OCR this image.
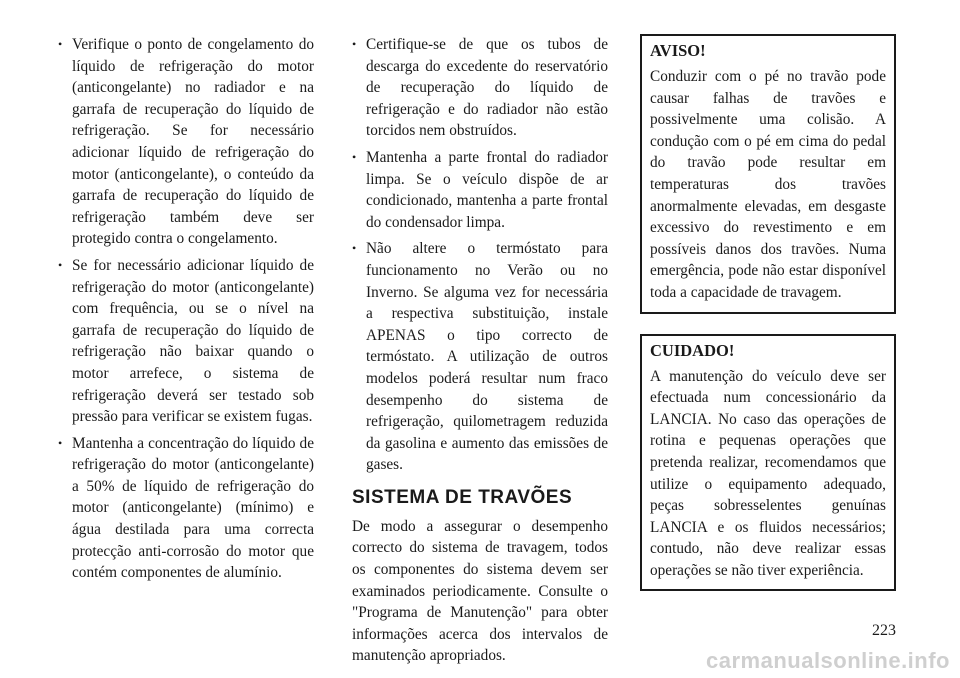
• Verifique o ponto de congelamento do líquido de refrigeração do motor (anticongelante) no radiador e na garrafa de recuperação do líquido de refrigeração. Se for necessário adicionar líquido de refrigeração do motor (anticongelante), o conteúdo da garrafa de recuperação do líquido de refrigeração também deve ser protegido contra o congelamento.
• Se for necessário adicionar líquido de refrigeração do motor (anticongelante) com frequência, ou se o nível na garrafa de recuperação do líquido de refrigeração não baixar quando o motor arrefece, o sistema de refrigeração deverá ser testado sob pressão para verificar se existem fugas.
• Mantenha a concentração do líquido de refrigeração do motor (anticongelante) a 50% de líquido de refrigeração do motor (anticongelante) (mínimo) e água destilada para uma correcta protecção anti-corrosão do motor que contém componentes de alumínio.
• Certifique-se de que os tubos de descarga do excedente do reservatório de recuperação do líquido de refrigeração e do radiador não estão torcidos nem obstruídos.
• Mantenha a parte frontal do radiador limpa. Se o veículo dispõe de ar condicionado, mantenha a parte frontal do condensador limpa.
• Não altere o termóstato para funcionamento no Verão ou no Inverno. Se alguma vez for necessária a respectiva substituição, instale APENAS o tipo correcto de termóstato. A utilização de outros modelos poderá resultar num fraco desempenho do sistema de refrigeração, quilometragem reduzida da gasolina e aumento das emissões de gases.
SISTEMA DE TRAVÕES

De modo a assegurar o desempenho correcto do sistema de travagem, todos os componentes do sistema devem ser examinados periodicamente. Consulte o "Programa de Manutenção" para obter informações acerca dos intervalos de manutenção apropriados.

AVISO!

Conduzir com o pé no travão pode causar falhas de travões e possivelmente uma colisão. A condução com o pé em cima do pedal do travão pode resultar em temperaturas dos travões anormalmente elevadas, em desgaste excessivo do revestimento e em possíveis danos dos travões. Numa emergência, pode não estar disponível toda a capacidade de travagem.

CUIDADO!

A manutenção do veículo deve ser efectuada num concessionário da LANCIA. No caso das operações de rotina e pequenas operações que pretenda realizar, recomendamos que utilize o equipamento adequado, peças sobresselentes genuínas LANCIA e os fluidos necessários; contudo, não deve realizar essas operações se não tiver experiência.

223
carmanualsonline.info
